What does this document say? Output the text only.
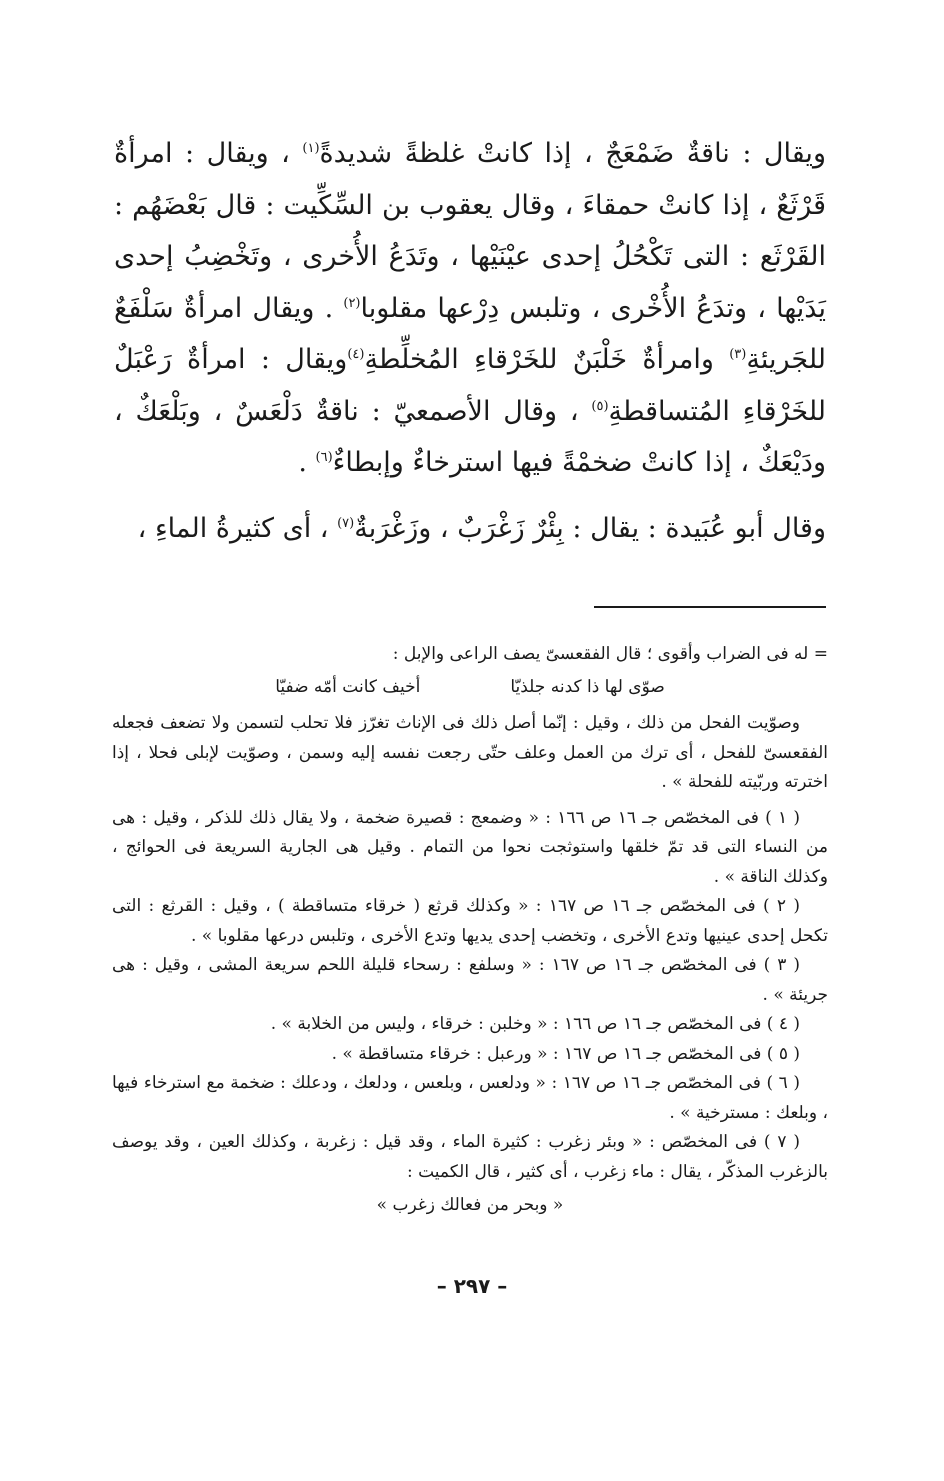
ويقال : ناقةٌ ضَمْعَجٌ ، إذا كانتْ غلظةً شديدةً$^{(١)}$ ، ويقال : امرأةٌ قَرْثَعٌ ، إذا كانتْ حمقاءَ ، وقال يعقوب بن السِّكِّيت : قال بَعْضَهُم : القَرْثَع : التى تَكْحُلُ إحدى عيْنَيْها ، وتَدَعُ الأُخرى ، وتَخْضِبُ إحدى يَدَيْها ، وتدَعُ الأُخْرى ، وتلبس دِرْعها مقلوبا$^{(٢)}$ . ويقال امرأةٌ سَلْفَعٌ للجَريئةِ$^{(٣)}$ وامرأةٌ خَلْبَنٌ للخَرْقاءِ المُخلِّطةِ$^{(٤)}$ويقال : امرأةٌ رَعْبَلٌ للخَرْقاءِ المُتساقطةِ$^{(٥)}$ ، وقال الأصمعيّ : ناقةٌ دَلْعَسٌ ، وبَلْعَكٌ ، ودَيْعَكٌ ، إذا كانتْ ضخمْةً فيها استرخاءٌ وإبطاءٌ$^{(٦)}$ .

وقال أبو عُبَيدة : يقال : بِئْرٌ زَغْرَبٌ ، وزَغْرَبةٌ$^{(٧)}$ ، أى كثيرةُ الماءِ ،

= له فى الضراب وأقوى ؛ قال الفقعسىّ يصف الراعى والإبل :

صوّى لها ذا كدنه جلذيّا
أخيف كانت أمّه ضفيّا

وصوّيت الفحل من ذلك ، وقيل : إنّما أصل ذلك فى الإناث تغرّز فلا تحلب لتسمن ولا تضعف فجعله الفقعسىّ للفحل ، أى ترك من العمل وعلف حتّى رجعت نفسه إليه وسمن ، وصوّيت لإبلى فحلا ، إذا اخترته وربّيته للفحلة » .

( ١ ) فى المخصّص جـ ١٦ ص ١٦٦ : « وضمعج : قصيرة ضخمة ، ولا يقال ذلك للذكر ، وقيل : هى من النساء التى قد تمّ خلقها واستوثجت نحوا من التمام . وقيل هى الجارية السريعة فى الحوائج ، وكذلك الناقة » .

( ٢ ) فى المخصّص جـ ١٦ ص ١٦٧ : « وكذلك قرثع ( خرقاء متساقطة ) ، وقيل : القرثع : التى تكحل إحدى عينيها وتدع الأخرى ، وتخضب إحدى يديها وتدع الأخرى ، وتلبس درعها مقلوبا » .

( ٣ ) فى المخصّص جـ ١٦ ص ١٦٧ : « وسلفع : رسحاء قليلة اللحم سريعة المشى ، وقيل : هى جريئة » .

( ٤ ) فى المخصّص جـ ١٦ ص ١٦٦ : « وخلبن : خرقاء ، وليس من الخلابة » .

( ٥ ) فى المخصّص جـ ١٦ ص ١٦٧ : « ورعبل : خرقاء متساقطة » .

( ٦ ) فى المخصّص جـ ١٦ ص ١٦٧ : « ودلعس ، وبلعس ، ودلعك ، ودعلك : ضخمة مع استرخاء فيها ، وبلعك : مسترخية » .

( ٧ ) فى المخصّص : « وبئر زغرب : كثيرة الماء ، وقد قيل : زغربة ، وكذلك العين ، وقد يوصف بالزغرب المذكّر ، يقال : ماء زغرب ، أى كثير ، قال الكميت :

« وبحر من فعالك زغرب »

– ٢٩٧ –
